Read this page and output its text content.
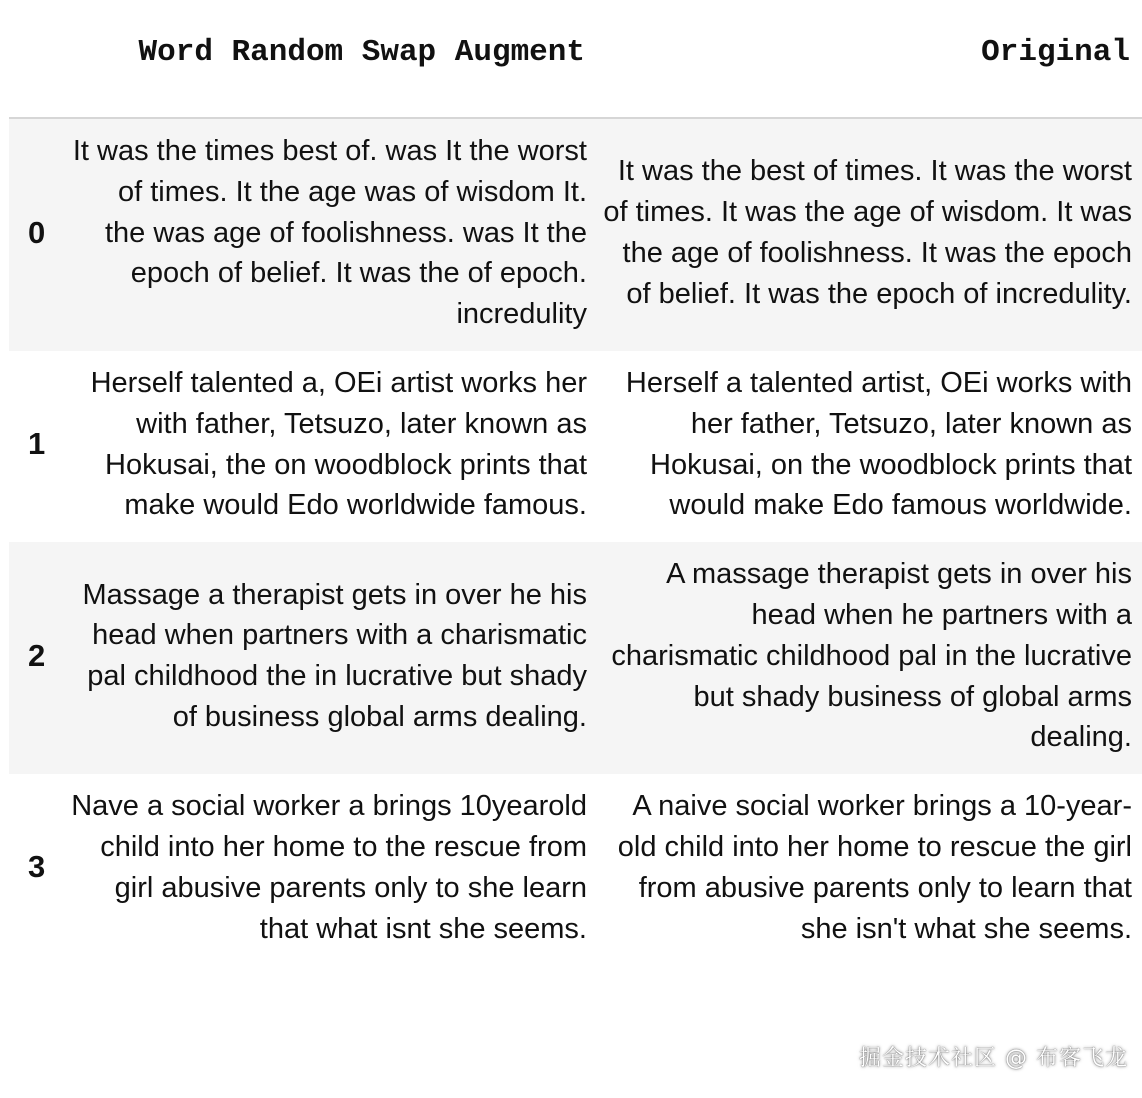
	Word Random Swap Augment	Original
0	It was the times best of. was It the worst of times. It the age was of wisdom It. the was age of foolishness. was It the epoch of belief. It was the of epoch. incredulity	It was the best of times. It was the worst of times. It was the age of wisdom. It was the age of foolishness. It was the epoch of belief. It was the epoch of incredulity.
1	Herself talented a, OEi artist works her with father, Tetsuzo, later known as Hokusai, the on woodblock prints that make would Edo worldwide famous.	Herself a talented artist, OEi works with her father, Tetsuzo, later known as Hokusai, on the woodblock prints that would make Edo famous worldwide.
2	Massage a therapist gets in over he his head when partners with a charismatic pal childhood the in lucrative but shady of business global arms dealing.	A massage therapist gets in over his head when he partners with a charismatic childhood pal in the lucrative but shady business of global arms dealing.
3	Nave a social worker a brings 10yearold child into her home to the rescue from girl abusive parents only to she learn that what isnt she seems.	A naive social worker brings a 10-year-old child into her home to rescue the girl from abusive parents only to learn that she isn't what she seems.
掘金技术社区 @ 布客飞龙
